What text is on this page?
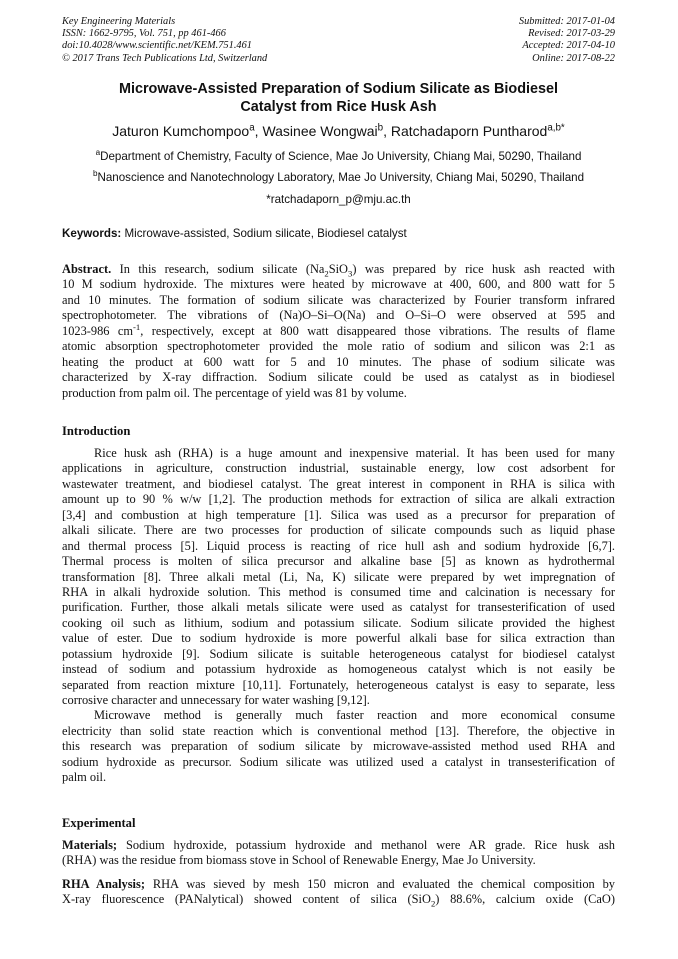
Key Engineering Materials
ISSN: 1662-9795, Vol. 751, pp 461-466
doi:10.4028/www.scientific.net/KEM.751.461
© 2017 Trans Tech Publications Ltd, Switzerland
Submitted: 2017-01-04
Revised: 2017-03-29
Accepted: 2017-04-10
Online: 2017-08-22
Microwave-Assisted Preparation of Sodium Silicate as Biodiesel
Catalyst from Rice Husk Ash
Jaturon Kumchompoo$^a$, Wasinee Wongwai$^b$, Ratchadaporn Puntharod$^{a,b*}$
$^a$Department of Chemistry, Faculty of Science, Mae Jo University, Chiang Mai, 50290, Thailand
$^b$Nanoscience and Nanotechnology Laboratory, Mae Jo University, Chiang Mai, 50290, Thailand
*ratchadaporn_p@mju.ac.th
Keywords: Microwave-assisted, Sodium silicate, Biodiesel catalyst
Abstract. In this research, sodium silicate $(Na_2SiO_3)$ was prepared by rice husk ash reacted with
10 M sodium hydroxide. The mixtures were heated by microwave at 400, 600, and 800 watt for 5
and 10 minutes. The formation of sodium silicate was characterized by Fourier transform infrared
spectrophotometer. The vibrations of (Na)O–Si–O(Na) and O–Si–O were observed at 595 and
1023-986 $cm^{-1}$, respectively, except at 800 watt disappeared those vibrations. The results of flame
atomic absorption spectrophotometer provided the mole ratio of sodium and silicon was 2:1 as
heating the product at 600 watt for 5 and 10 minutes. The phase of sodium silicate was
characterized by X-ray diffraction. Sodium silicate could be used as catalyst as in biodiesel
production from palm oil. The percentage of yield was 81 by volume.
Introduction
Rice husk ash (RHA) is a huge amount and inexpensive material. It has been used for many
applications in agriculture, construction industrial, sustainable energy, low cost adsorbent for
wastewater treatment, and biodiesel catalyst. The great interest in component in RHA is silica with
amount up to 90 % w/w [1,2]. The production methods for extraction of silica are alkali extraction
[3,4] and combustion at high temperature [1]. Silica was used as a precursor for preparation of
alkali silicate. There are two processes for production of silicate compounds such as liquid phase
and thermal process [5]. Liquid process is reacting of rice hull ash and sodium hydroxide [6,7].
Thermal process is molten of silica precursor and alkaline base [5] as known as hydrothermal
transformation [8]. Three alkali metal (Li, Na, K) silicate were prepared by wet impregnation of
RHA in alkali hydroxide solution. This method is consumed time and calcination is necessary for
purification. Further, those alkali metals silicate were used as catalyst for transesterification of used
cooking oil such as lithium, sodium and potassium silicate. Sodium silicate provided the highest
value of ester. Due to sodium hydroxide is more powerful alkali base for silica extraction than
potassium hydroxide [9]. Sodium silicate is suitable heterogeneous catalyst for biodiesel catalyst
instead of sodium and potassium hydroxide as homogeneous catalyst which is not easily be
separated from reaction mixture [10,11]. Fortunately, heterogeneous catalyst is easy to separate, less
corrosive character and unnecessary for water washing [9,12].
Microwave method is generally much faster reaction and more economical consume
electricity than solid state reaction which is conventional method [13]. Therefore, the objective in
this research was preparation of sodium silicate by microwave-assisted method used RHA and
sodium hydroxide as precursor. Sodium silicate was utilized used a catalyst in transesterification of
palm oil.
Experimental
Materials; Sodium hydroxide, potassium hydroxide and methanol were AR grade. Rice husk ash
(RHA) was the residue from biomass stove in School of Renewable Energy, Mae Jo University.
RHA Analysis; RHA was sieved by mesh 150 micron and evaluated the chemical composition by
X-ray fluorescence (PANalytical) showed content of silica (SiO$_2$) 88.6%, calcium oxide (CaO)
